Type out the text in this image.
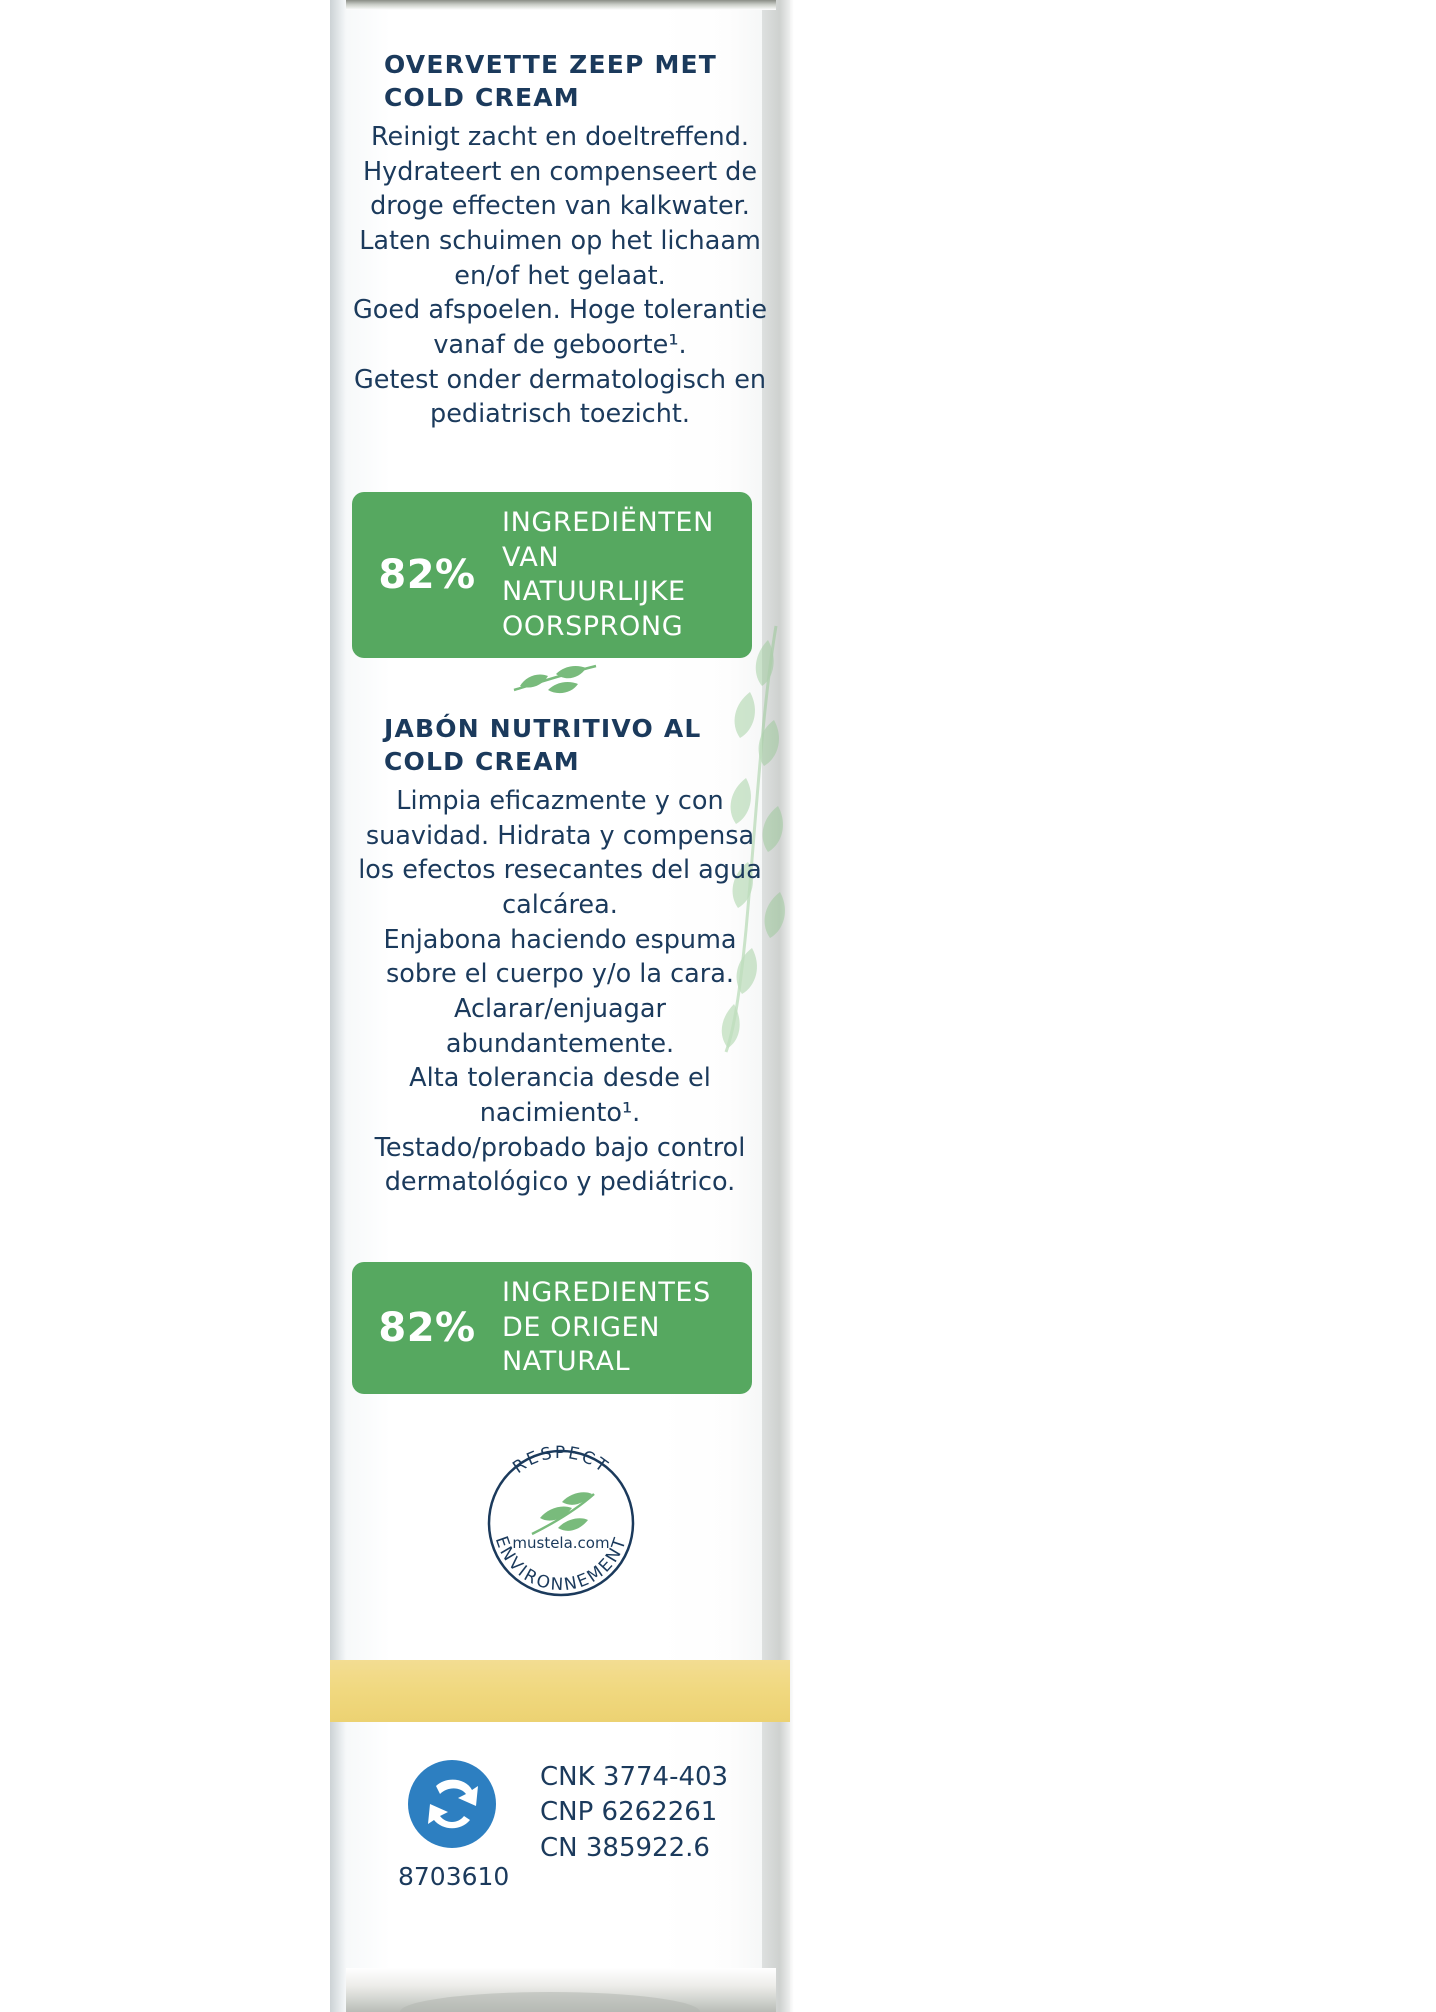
OVERVETTE ZEEP MET COLD CREAM
Reinigt zacht en doeltreffend.
Hydrateert en compenseert de
droge effecten van kalkwater.
Laten schuimen op het lichaam
en/of het gelaat.
Goed afspoelen. Hoge tolerantie
vanaf de geboorte¹.
Getest onder dermatologisch en
pediatrisch toezicht.
82%
INGREDIËNTEN VAN NATUURLIJKE OORSPRONG
JABÓN NUTRITIVO AL COLD CREAM
Limpia eficazmente y con
suavidad. Hidrata y compensa
los efectos resecantes del agua
calcárea.
Enjabona haciendo espuma
sobre el cuerpo y/o la cara.
Aclarar/enjuagar
abundantemente.
Alta tolerancia desde el
nacimiento¹.
Testado/probado bajo control
dermatológico y pediátrico.
82%
INGREDIENTES DE ORIGEN NATURAL
RESPECT
ENVIRONNEMENT
mustela.com
8703610
CNK 3774-403
CNP 6262261
CN 385922.6
